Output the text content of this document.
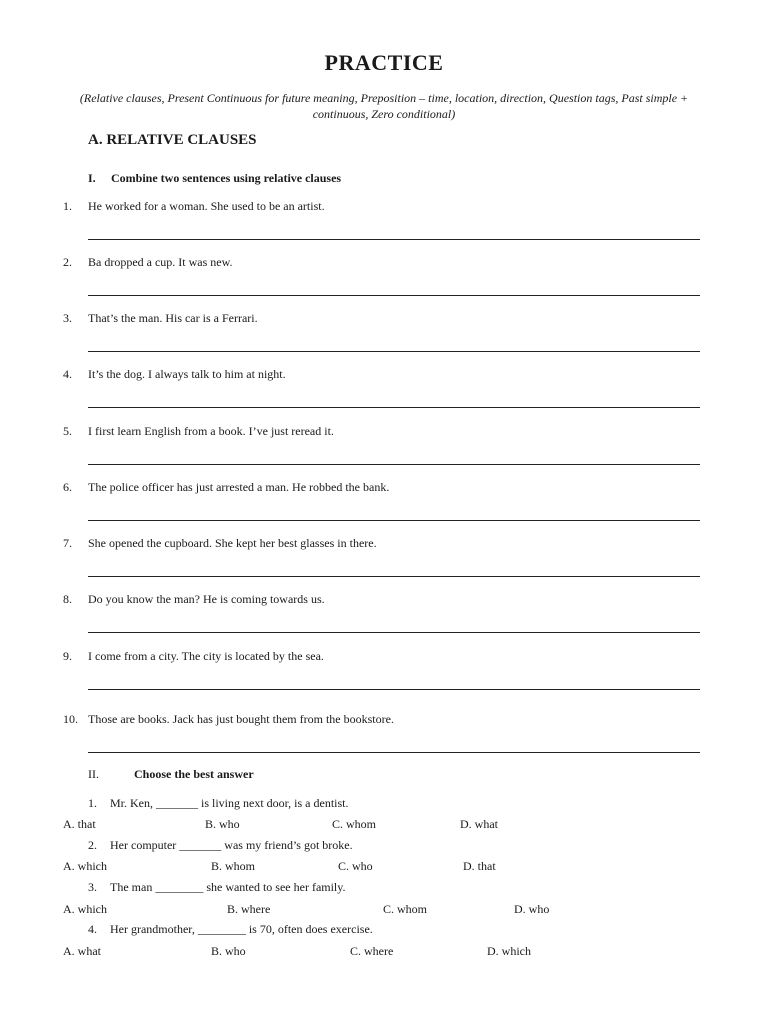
PRACTICE
(Relative clauses, Present Continuous for future meaning, Preposition – time, location, direction, Question tags, Past simple + continuous, Zero conditional)
A. RELATIVE CLAUSES
I. Combine two sentences using relative clauses
1. He worked for a woman. She used to be an artist.
2. Ba dropped a cup. It was new.
3. That’s the man. His car is a Ferrari.
4. It’s the dog. I always talk to him at night.
5. I first learn English from a book. I’ve just reread it.
6. The police officer has just arrested a man. He robbed the bank.
7. She opened the cupboard. She kept her best glasses in there.
8. Do you know the man? He is coming towards us.
9. I come from a city. The city is located by the sea.
10. Those are books. Jack has just bought them from the bookstore.
II.	Choose the best answer
1. Mr. Ken, _______ is living next door, is a dentist.
A. that	B. who	C. whom	D. what
2. Her computer _______ was my friend’s got broke.
A. which	B. whom	C. who	D. that
3. The man ________ she wanted to see her family.
A. which	B. where	C. whom	D. who
4. Her grandmother, ________ is 70, often does exercise.
A. what	B. who	C. where	D. which
